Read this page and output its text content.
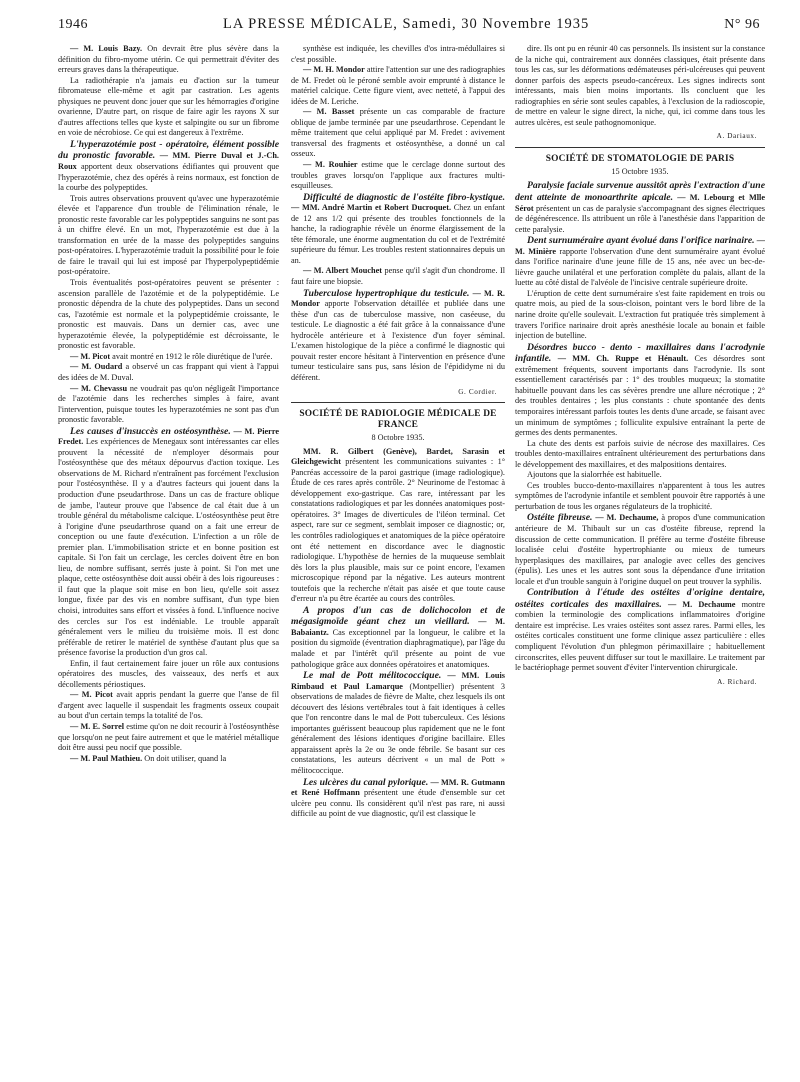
1946	LA PRESSE MÉDICALE, Samedi, 30 Novembre 1935	N° 96

— M. Louis Bazy. On devrait être plus sévère dans la définition du fibro-myome utérin. Ce qui permettrait d'éviter des erreurs graves dans la thérapeutique.

La radiothérapie n'a jamais eu d'action sur la tumeur fibromateuse elle-même et agit par castration. Les agents physiques ne peuvent donc jouer que sur les hémorragies d'origine ovarienne, D'autre part, on risque de faire agir les rayons X sur d'autres affections telles que kyste et salpingite ou sur un fibrome en voie de nécrobiose. Ce qui est dangereux à l'extrême.

L'hyperazotémie post - opératoire, élément possible du pronostic favorable. — MM. Pierre Duval et J.-Ch. Roux apportent deux observations édifiantes qui prouvent que l'hyperazotémie, chez des opérés à reins normaux, est fonction de la courbe des polypeptides.

Trois autres observations prouvent qu'avec une hyperazotémie élevée et l'apparence d'un trouble de l'élimination rénale, le pronostic reste favorable car les polypeptides sanguins ne sont pas à un chiffre élevé. En un mot, l'hyperazotémie est due à la transformation en urée de la masse des polypeptides sanguins post-opératoires. L'hyperazotémie traduit la possibilité pour le foie de faire le travail qui lui est imposé par l'hyperpolypeptidémie post-opératoire.

Trois éventualités post-opératoires peuvent se présenter : ascension parallèle de l'azotémie et de la polypeptidémie. Le pronostic dépendra de la chute des polypeptides. Dans un second cas, l'azotémie est normale et la polypeptidémie croissante, le pronostic est mauvais. Dans un dernier cas, avec une hyperazotémie élevée, la polypeptidémie est décroissante, le pronostic est favorable.

— M. Picot avait montré en 1912 le rôle diurétique de l'urée.

— M. Oudard a observé un cas frappant qui vient à l'appui des idées de M. Duval.

— M. Chevassu ne voudrait pas qu'on négligeât l'importance de l'azotémie dans les recherches simples à faire, avant l'intervention, puisque toutes les hyperazotémies ne sont pas d'un pronostic favorable.

Les causes d'insuccès en ostéosynthèse. — M. Pierre Fredet. Les expériences de Menegaux sont intéressantes car elles prouvent la nécessité de n'employer désormais pour l'ostéosynthèse que des métaux dépourvus d'action toxique. Les observations de M. Richard n'entraînent pas forcément l'exclusion pour l'ostéosynthèse. Il y a d'autres facteurs qui jouent dans la production d'une pseudarthrose. Dans un cas de fracture oblique de jambe, l'auteur prouve que l'absence de cal était due à un trouble général du métabolisme calcique. L'ostéosynthèse peut être à l'origine d'une pseudarthrose quand on a fait une erreur de conception ou une faute d'exécution. L'infection a un rôle de premier plan. L'immobilisation stricte et en bonne position est capitale. Si l'on fait un cerclage, les cercles doivent être en bon lieu, de nombre suffisant, serrés juste à point. Si l'on met une plaque, cette ostéosynthèse doit aussi obéir à des lois rigoureuses : il faut que la plaque soit mise en bon lieu, qu'elle soit assez longue, fixée par des vis en nombre suffisant, d'un type bien choisi, introduites sans effort et vissées à fond. L'influence nocive des cercles sur l'os est indéniable. Le trouble apparaît généralement vers le milieu du troisième mois. Il est donc préférable de retirer le matériel de synthèse d'autant plus que sa présence favorise la production d'un gros cal.

Enfin, il faut certainement faire jouer un rôle aux contusions opératoires des muscles, des vaisseaux, des nerfs et aux décollements périostiques.

— M. Picot avait appris pendant la guerre que l'anse de fil d'argent avec laquelle il suspendait les fragments osseux coupait au bout d'un certain temps la totalité de l'os.

— M. E. Sorrel estime qu'on ne doit recourir à l'ostéosynthèse que lorsqu'on ne peut faire autrement et que le matériel métallique doit être aussi peu nocif que possible.

— M. Paul Mathieu. On doit utiliser, quand la

synthèse est indiquée, les chevilles d'os intra-médullaires si c'est possible.

— M. H. Mondor attire l'attention sur une des radiographies de M. Fredet où le péroné semble avoir emprunté à distance le matériel calcique. Cette figure vient, avec netteté, à l'appui des idées de M. Leriche.

— M. Basset présente un cas comparable de fracture oblique de jambe terminée par une pseudarthrose. Cependant le même traitement que celui appliqué par M. Fredet : avivement transversal des fragments et ostéosynthèse, a donné un cal osseux.

— M. Rouhier estime que le cerclage donne surtout des troubles graves lorsqu'on l'applique aux fractures multi-esquilleuses.

Difficulté de diagnostic de l'ostéite fibro-kystique. — MM. André Martin et Robert Ducroquet. Chez un enfant de 12 ans 1/2 qui présente des troubles fonctionnels de la hanche, la radiographie révèle un énorme élargissement de la tête fémorale, une énorme augmentation du col et de l'extrémité supérieure du fémur. Les troubles restent stationnaires depuis un an.

— M. Albert Mouchet pense qu'il s'agit d'un chondrome. Il faut faire une biopsie.

Tuberculose hypertrophique du testicule. — M. R. Mondor apporte l'observation détaillée et publiée dans une thèse d'un cas de tuberculose massive, non caséeuse, du testicule. Le diagnostic a été fait grâce à la connaissance d'une hydrocèle antérieure et à l'existence d'un foyer séminal. L'examen histologique de la pièce a confirmé le diagnostic qui pouvait rester encore hésitant à l'intervention en présence d'une tumeur testiculaire sans pus, sans lésion de l'épididyme ni du déférent.

G. Cordier.

SOCIÉTÉ DE RADIOLOGIE MÉDICALE DE FRANCE
8 Octobre 1935.

MM. R. Gilbert (Genève), Bardet, Sarasin et Gleichgewicht présentent les communications suivantes : 1° Pancréas accessoire de la paroi gastrique (image radiologique). Étude de ces rares après contrôle. 2° Neurinome de l'estomac à développement exo-gastrique. Cas rare, intéressant par les constatations radiologiques et par les données anatomiques post-opératoires. 3° Images de diverticules de l'iléon terminal. Cet aspect, rare sur ce segment, semblait imposer ce diagnostic; or, les contrôles radiologiques et anatomiques de la pièce opératoire ont été nettement en discordance avec le diagnostic radiologique. L'hypothèse de hernies de la muqueuse semblait dès lors la plus plausible, mais sur ce point encore, l'examen microscopique répond par la négative. Les auteurs montrent toutefois que la recherche n'était pas aisée et que toute cause d'erreur n'a pu être écartée au cours des contrôles.

A propos d'un cas de dolichocolon et de mégasigmoïde géant chez un vieillard. — M. Babaiantz. Cas exceptionnel par la longueur, le calibre et la position du sigmoïde (éventration diaphragmatique), par l'âge du malade et par l'intérêt qu'il présente au point de vue pathologique grâce aux données opératoires et anatomiques.

Le mal de Pott mélitococcique. — MM. Louis Rimbaud et Paul Lamarque (Montpellier) présentent 3 observations de malades de fièvre de Malte, chez lesquels ils ont découvert des lésions vertébrales tout à fait identiques à celles que l'on rencontre dans le mal de Pott tuberculeux. Ces lésions importantes guérissent beaucoup plus rapidement que ne le font généralement des lésions identiques d'origine bacillaire. Elles apparaissent après la 2e ou 3e onde fébrile. Se basant sur ces constatations, les auteurs décrivent « un mal de Pott » mélitococcique.

Les ulcères du canal pylorique. — MM. R. Gutmann et René Hoffmann présentent une étude d'ensemble sur cet ulcère peu connu. Ils considèrent qu'il n'est pas rare, ni aussi difficile au point de vue diagnostic, qu'il est classique le

dire. Ils ont pu en réunir 40 cas personnels. Ils insistent sur la constance de la niche qui, contrairement aux données classiques, était présente dans tous les cas, sur les déformations œdémateuses péri-ulcéreuses qui peuvent donner parfois des aspects pseudo-cancéreux. Les signes indirects sont intéressants, mais bien moins importants. Ils concluent que les radiographies en série sont seules capables, à l'exclusion de la radioscopie, de mettre en valeur le signe direct, la niche, qui, ici comme dans tous les autres ulcères, est seule pathognomonique.

A. Dariaux.

SOCIÉTÉ DE STOMATOLOGIE DE PARIS
15 Octobre 1935.

Paralysie faciale survenue aussitôt après l'extraction d'une dent atteinte de monoarthrite apicale. — M. Lebourg et Mlle Sérot présentent un cas de paralysie s'accompagnant des signes électriques de dégénérescence. Ils attribuent un rôle à l'anesthésie dans l'apparition de cette paralysie.

Dent surnuméraire ayant évolué dans l'orifice narinaire. — M. Minière rapporte l'observation d'une dent surnuméraire ayant évolué dans l'orifice narinaire d'une jeune fille de 15 ans, née avec un bec-de-lièvre gauche unilatéral et une perforation complète du palais, allant de la luette au côté distal de l'alvéole de l'incisive centrale supérieure droite.

L'éruption de cette dent surnuméraire s'est faite rapidement en trois ou quatre mois, au pied de la sous-cloison, pointant vers le bord libre de la narine droite qu'elle soulevait. L'extraction fut pratiquée très simplement à travers l'orifice narinaire droit après anesthésie locale au bonain et faible injection de butelline.

Désordres bucco - dento - maxillaires dans l'acrodynie infantile. — MM. Ch. Ruppe et Hénault. Ces désordres sont extrêmement fréquents, souvent importants dans l'acrodynie. Ils sont essentiellement caractérisés par : 1° des troubles muqueux; la stomatite habituelle pouvant dans les cas sévères prendre une allure nécrotique ; 2° des troubles dentaires ; les plus constants : chute spontanée des dents temporaires intéressant parfois toutes les dents d'une arcade, se faisant avec un minimum de symptômes ; folliculite expulsive entraînant la perte de germes des dents permanentes.

La chute des dents est parfois suivie de nécrose des maxillaires. Ces troubles dento-maxillaires entraînent ultérieurement des perturbations dans le développement des maxillaires, et des malpositions dentaires.

Ajoutons que la sialorrhée est habituelle.

Ces troubles bucco-dento-maxillaires n'apparentent à tous les autres symptômes de l'acrodynie infantile et semblent pouvoir être rapportés à une perturbation de tous les organes régulateurs de la trophicité.

Ostéite fibreuse. — M. Dechaume, à propos d'une communication antérieure de M. Thibault sur un cas d'ostéite fibreuse, reprend la discussion de cette communication. Il préfère au terme d'ostéite fibreuse localisée celui d'ostéite hypertrophiante ou mieux de tumeurs hyperplasiques des maxillaires, par analogie avec celles des gencives (épulis). Les unes et les autres sont sous la dépendance d'une irritation locale et d'un trouble sanguin à l'origine duquel on peut trouver la syphilis.

Contribution à l'étude des ostéites d'origine dentaire, ostéites corticales des maxillaires. — M. Dechaume montre combien la terminologie des complications inflammatoires d'origine dentaire est imprécise. Les vraies ostéites sont assez rares. Parmi elles, les ostéites corticales constituent une forme clinique assez particulière : elles compliquent l'évolution d'un phlegmon périmaxillaire ; habituellement circonscrites, elles peuvent diffuser sur tout le maxillaire. Le traitement par le bactériophage permet souvent d'éviter l'intervention chirurgicale.

A. Richard.
